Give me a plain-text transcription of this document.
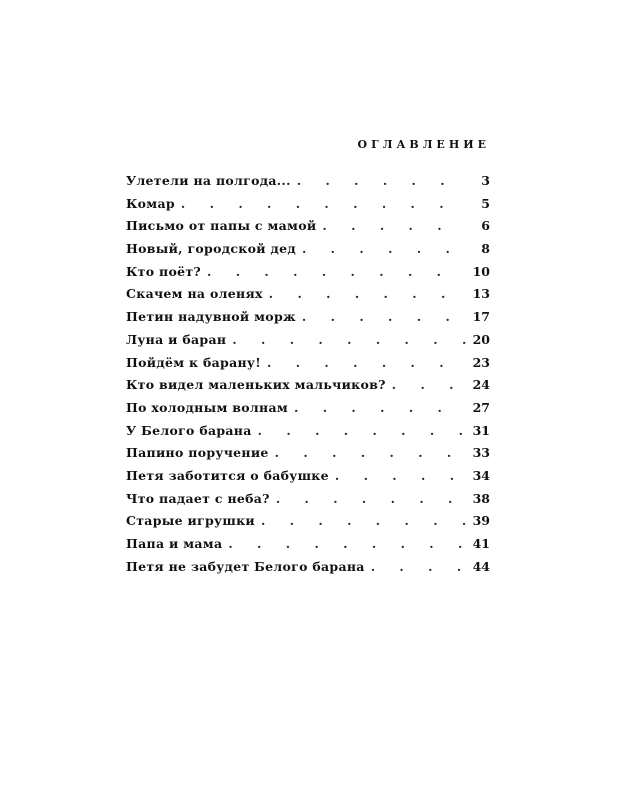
ОГЛАВЛЕНИЕ
Улетели на полгода... . . .	3
Комар . . .	5
Письмо от папы с мамой . . .	6
Новый, городской дед . . .	8
Кто поёт? . . .	10
Скачем на оленях . . .	13
Петин надувной морж . . .	17
Луна и баран . . .	20
Пойдём к барану! . . .	23
Кто видел маленьких мальчиков? . . .	24
По холодным волнам . . .	27
У Белого барана . . .	31
Папино поручение . . .	33
Петя заботится о бабушке . . .	34
Что падает с неба? . . .	38
Старые игрушки . . .	39
Папа и мама . . .	41
Петя не забудет Белого барана . . .	44
